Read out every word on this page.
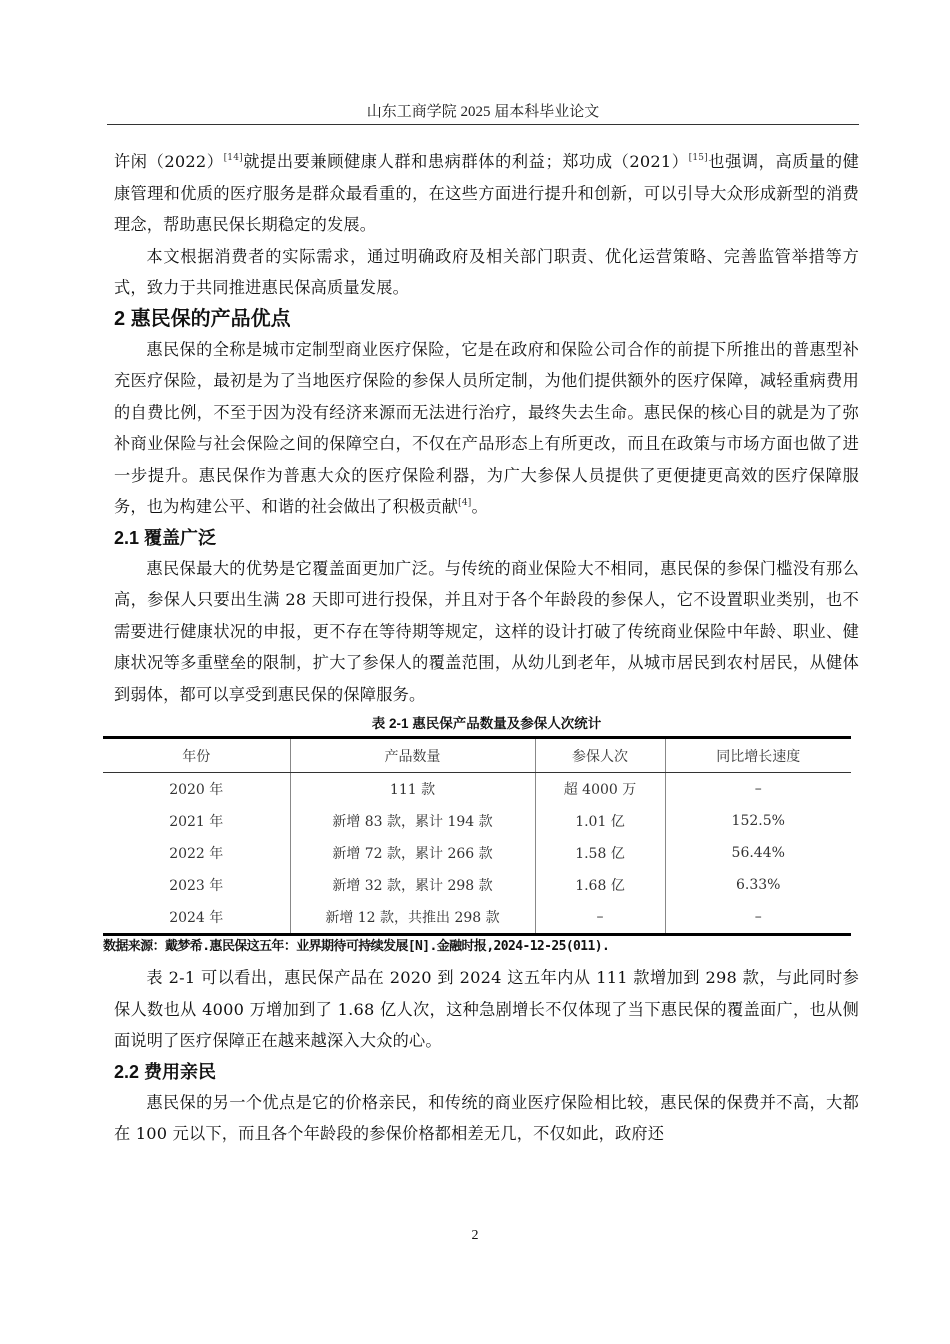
山东工商学院 2025 届本科毕业论文

许闲（2022）[14]就提出要兼顾健康人群和患病群体的利益；郑功成（2021）[15]也强调，高质量的健康管理和优质的医疗服务是群众最看重的，在这些方面进行提升和创新，可以引导大众形成新型的消费理念，帮助惠民保长期稳定的发展。

本文根据消费者的实际需求，通过明确政府及相关部门职责、优化运营策略、完善监管举措等方式，致力于共同推进惠民保高质量发展。

2 惠民保的产品优点

惠民保的全称是城市定制型商业医疗保险，它是在政府和保险公司合作的前提下所推出的普惠型补充医疗保险，最初是为了当地医疗保险的参保人员所定制，为他们提供额外的医疗保障，减轻重病费用的自费比例，不至于因为没有经济来源而无法进行治疗，最终失去生命。惠民保的核心目的就是为了弥补商业保险与社会保险之间的保障空白，不仅在产品形态上有所更改，而且在政策与市场方面也做了进一步提升。惠民保作为普惠大众的医疗保险利器，为广大参保人员提供了更便捷更高效的医疗保障服务，也为构建公平、和谐的社会做出了积极贡献[4]。

2.1 覆盖广泛

惠民保最大的优势是它覆盖面更加广泛。与传统的商业保险大不相同，惠民保的参保门槛没有那么高，参保人只要出生满 28 天即可进行投保，并且对于各个年龄段的参保人，它不设置职业类别，也不需要进行健康状况的申报，更不存在等待期等规定，这样的设计打破了传统商业保险中年龄、职业、健康状况等多重壁垒的限制，扩大了参保人的覆盖范围，从幼儿到老年，从城市居民到农村居民，从健体到弱体，都可以享受到惠民保的保障服务。

表 2-1 惠民保产品数量及参保人次统计
年份	产品数量	参保人次	同比增长速度
2020 年	111 款	超 4000 万	–
2021 年	新增 83 款，累计 194 款	1.01 亿	152.5%
2022 年	新增 72 款，累计 266 款	1.58 亿	56.44%
2023 年	新增 32 款，累计 298 款	1.68 亿	6.33%
2024 年	新增 12 款，共推出 298 款	–	–
数据来源：戴梦希.惠民保这五年：业界期待可持续发展[N].金融时报,2024-12-25(011).

表 2-1 可以看出，惠民保产品在 2020 到 2024 这五年内从 111 款增加到 298 款，与此同时参保人数也从 4000 万增加到了 1.68 亿人次，这种急剧增长不仅体现了当下惠民保的覆盖面广，也从侧面说明了医疗保障正在越来越深入大众的心。

2.2 费用亲民

惠民保的另一个优点是它的价格亲民，和传统的商业医疗保险相比较，惠民保的保费并不高，大都在 100 元以下，而且各个年龄段的参保价格都相差无几，不仅如此，政府还

2
